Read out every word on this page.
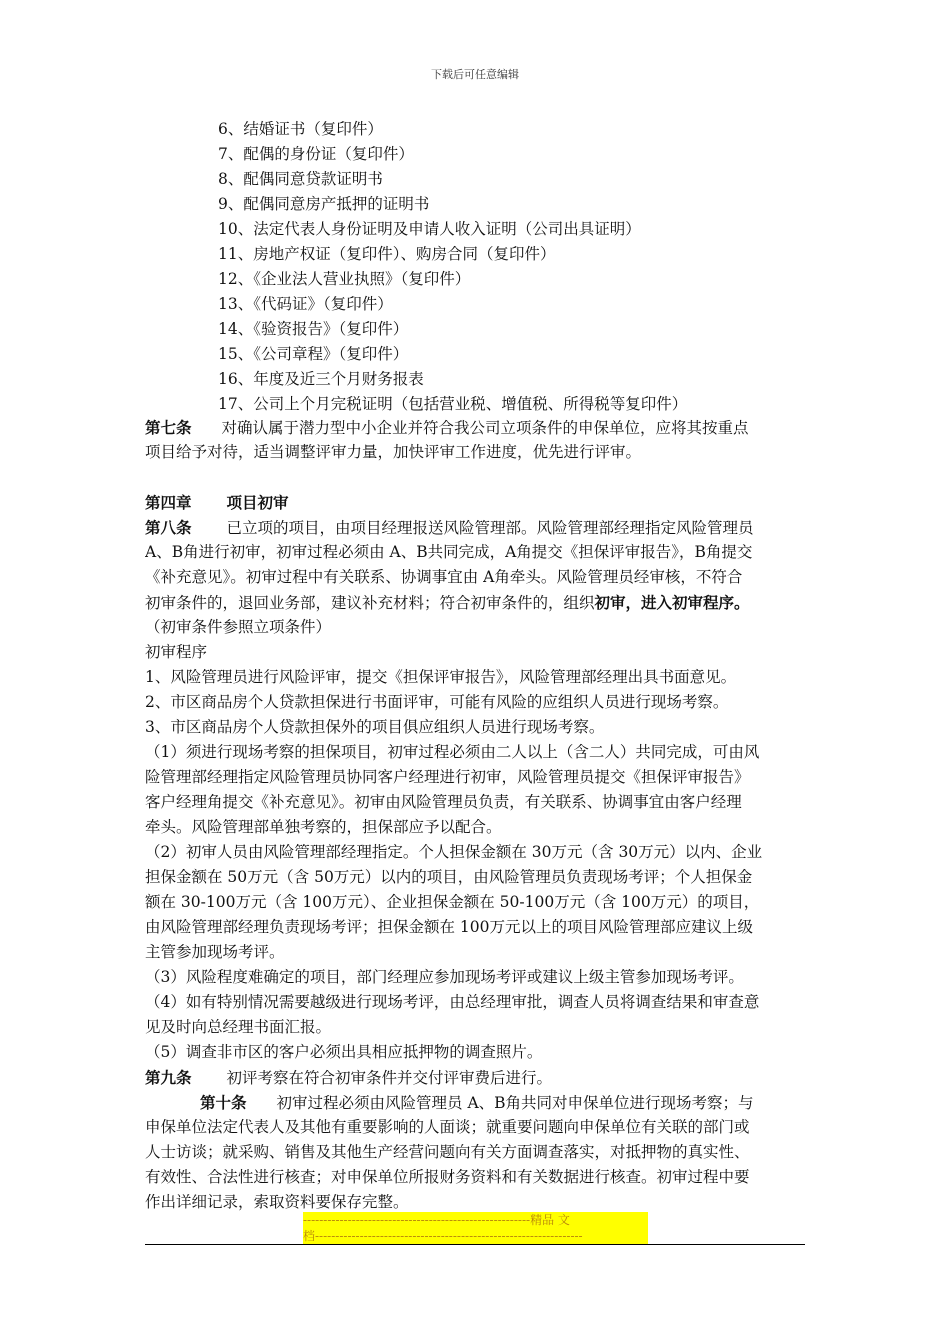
下载后可任意编辑
6、结婚证书（复印件）
7、配偶的身份证（复印件）
8、配偶同意贷款证明书
9、配偶同意房产抵押的证明书
10、法定代表人身份证明及申请人收入证明（公司出具证明）
11、房地产权证（复印件）、购房合同（复印件）
12、《企业法人营业执照》（复印件）
13、《代码证》（复印件）
14、《验资报告》（复印件）
15、《公司章程》（复印件）
16、年度及近三个月财务报表
17、公司上个月完税证明（包括营业税、增值税、所得税等复印件）
第七条 对确认属于潜力型中小企业并符合我公司立项条件的申保单位，应将其按重点
项目给予对待，适当调整评审力量，加快评审工作进度，优先进行评审。
第四章 项目初审
第八条 已立项的项目，由项目经理报送风险管理部。风险管理部经理指定风险管理员
A、B角进行初审，初审过程必须由 A、B共同完成，A角提交《担保评审报告》，B角提交
《补充意见》。初审过程中有关联系、协调事宜由 A角牵头。风险管理员经审核，不符合
初审条件的，退回业务部，建议补充材料；符合初审条件的，组织初审，进入初审程序。
（初审条件参照立项条件）
初审程序
1、风险管理员进行风险评审，提交《担保评审报告》，风险管理部经理出具书面意见。
2、市区商品房个人贷款担保进行书面评审，可能有风险的应组织人员进行现场考察。
3、市区商品房个人贷款担保外的项目俱应组织人员进行现场考察。
（1）须进行现场考察的担保项目，初审过程必须由二人以上（含二人）共同完成，可由风
险管理部经理指定风险管理员协同客户经理进行初审，风险管理员提交《担保评审报告》
客户经理角提交《补充意见》。初审由风险管理员负责，有关联系、协调事宜由客户经理
牵头。风险管理部单独考察的，担保部应予以配合。
（2）初审人员由风险管理部经理指定。个人担保金额在 30万元（含 30万元）以内、企业
担保金额在 50万元（含 50万元）以内的项目，由风险管理员负责现场考评；个人担保金
额在 30-100万元（含 100万元）、企业担保金额在 50-100万元（含 100万元）的项目，
由风险管理部经理负责现场考评；担保金额在 100万元以上的项目风险管理部应建议上级
主管参加现场考评。
（3）风险程度难确定的项目，部门经理应参加现场考评或建议上级主管参加现场考评。
（4）如有特别情况需要越级进行现场考评，由总经理审批，调查人员将调查结果和审查意
见及时向总经理书面汇报。
（5）调查非市区的客户必须出具相应抵押物的调查照片。
第九条 初评考察在符合初审条件并交付评审费后进行。
第十条 初审过程必须由风险管理员 A、B角共同对申保单位进行现场考察；与
申保单位法定代表人及其他有重要影响的人面谈；就重要问题向申保单位有关联的部门或
人士访谈；就采购、销售及其他生产经营问题向有关方面调查落实，对抵押物的真实性、
有效性、合法性进行核查；对申保单位所报财务资料和有关数据进行核查。初审过程中要
作出详细记录，索取资料要保存完整。
--------------------------------------------------------精品 文
档------------------------------------------------------------------
